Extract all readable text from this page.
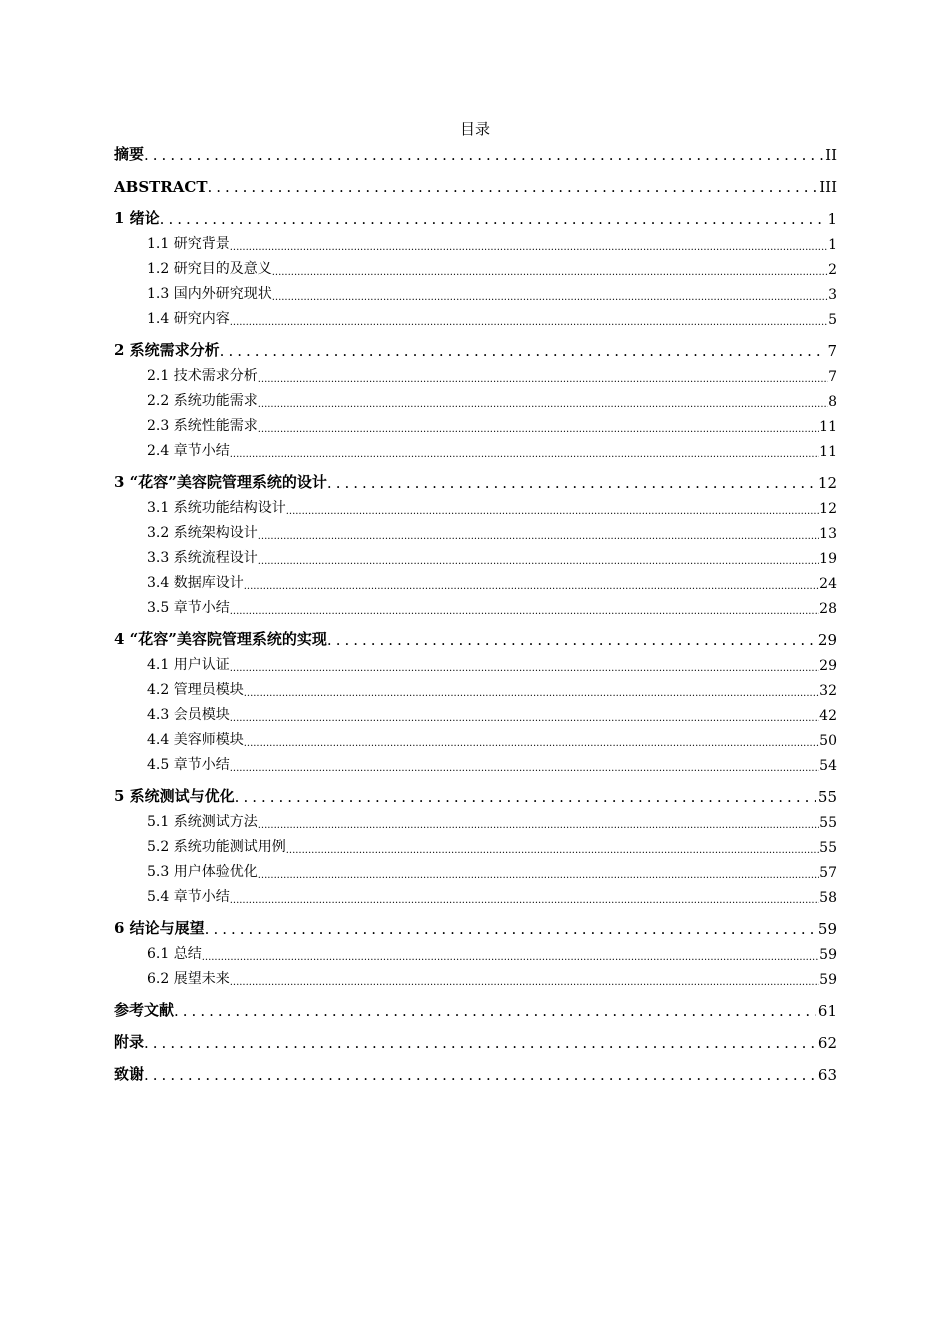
目录
摘要 .....	II
ABSTRACT .....	III
1 绪论 .....	1
1.1 研究背景 .....	1
1.2 研究目的及意义 .....	2
1.3 国内外研究现状 .....	3
1.4 研究内容 .....	5
2 系统需求分析 .....	7
2.1 技术需求分析 .....	7
2.2 系统功能需求 .....	8
2.3 系统性能需求 .....	11
2.4 章节小结 .....	11
3 “花容”美容院管理系统的设计 .....	12
3.1 系统功能结构设计 .....	12
3.2 系统架构设计 .....	13
3.3 系统流程设计 .....	19
3.4 数据库设计 .....	24
3.5 章节小结 .....	28
4 “花容”美容院管理系统的实现 .....	29
4.1 用户认证 .....	29
4.2 管理员模块 .....	32
4.3 会员模块 .....	42
4.4 美容师模块 .....	50
4.5 章节小结 .....	54
5 系统测试与优化 .....	55
5.1 系统测试方法 .....	55
5.2 系统功能测试用例 .....	55
5.3 用户体验优化 .....	57
5.4 章节小结 .....	58
6 结论与展望 .....	59
6.1 总结 .....	59
6.2 展望未来 .....	59
参考文献 .....	61
附录 .....	62
致谢 .....	63
